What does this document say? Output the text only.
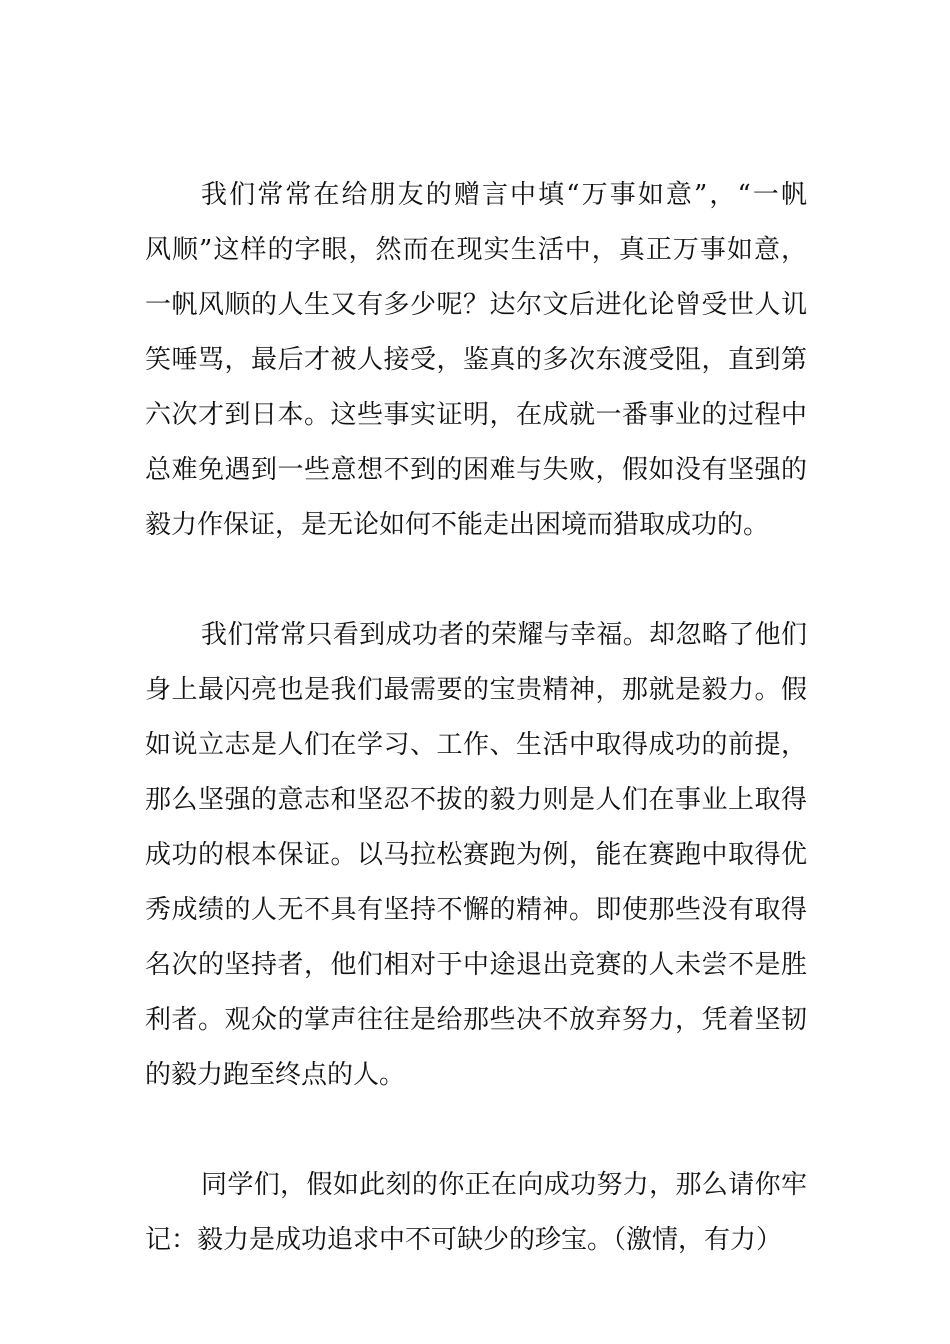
我们常常在给朋友的赠言中填“万事如意”，“一帆
风顺”这样的字眼，然而在现实生活中，真正万事如意，
一帆风顺的人生又有多少呢？达尔文后进化论曾受世人讥
笑唾骂，最后才被人接受，鉴真的多次东渡受阻，直到第
六次才到日本。这些事实证明，在成就一番事业的过程中
总难免遇到一些意想不到的困难与失败，假如没有坚强的
毅力作保证，是无论如何不能走出困境而猎取成功的。
我们常常只看到成功者的荣耀与幸福。却忽略了他们
身上最闪亮也是我们最需要的宝贵精神，那就是毅力。假
如说立志是人们在学习、工作、生活中取得成功的前提，
那么坚强的意志和坚忍不拔的毅力则是人们在事业上取得
成功的根本保证。以马拉松赛跑为例，能在赛跑中取得优
秀成绩的人无不具有坚持不懈的精神。即使那些没有取得
名次的坚持者，他们相对于中途退出竞赛的人未尝不是胜
利者。观众的掌声往往是给那些决不放弃努力，凭着坚韧
的毅力跑至终点的人。
同学们，假如此刻的你正在向成功努力，那么请你牢
记：毅力是成功追求中不可缺少的珍宝。（激情，有力）
